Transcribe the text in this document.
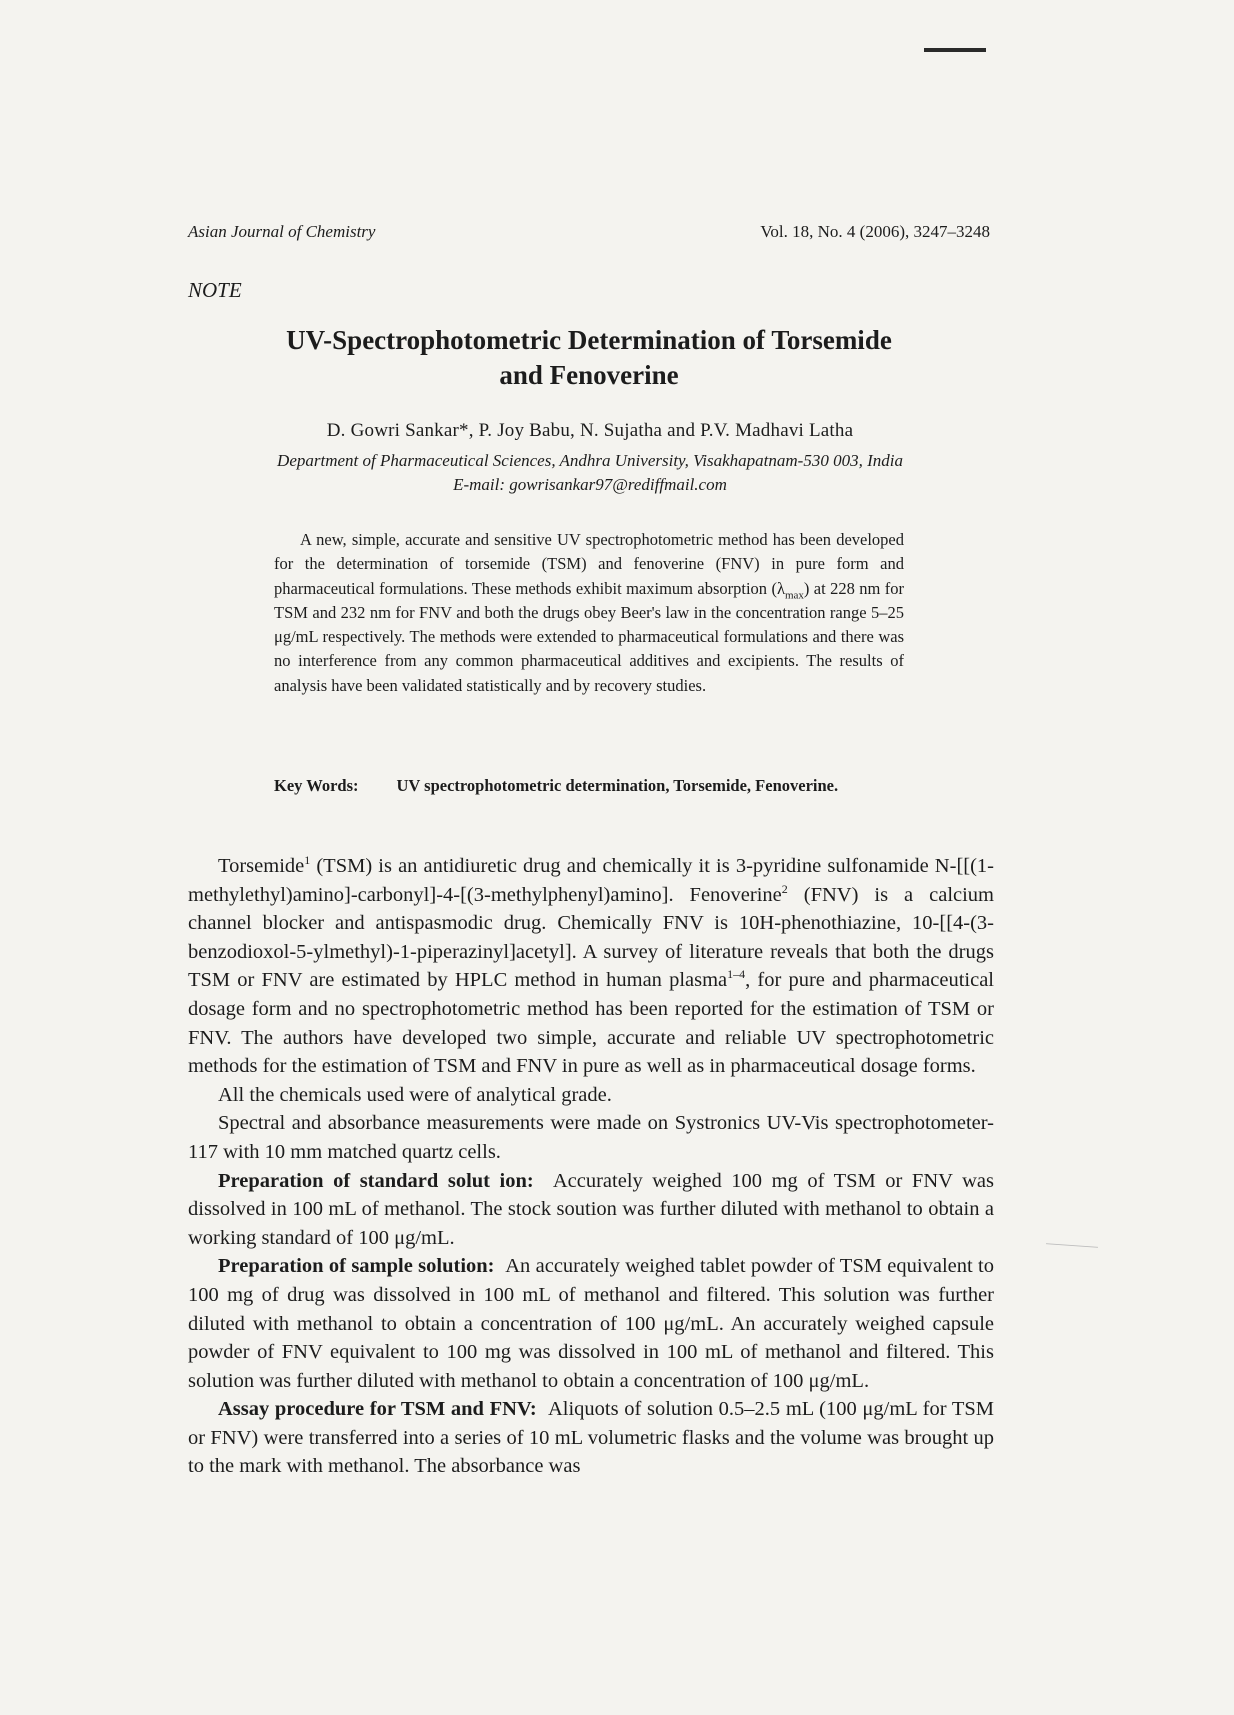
Asian Journal of Chemistry	Vol. 18, No. 4 (2006), 3247–3248
NOTE
UV-Spectrophotometric Determination of Torsemide
and Fenoverine
D. Gowri Sankar*, P. Joy Babu, N. Sujatha and P.V. Madhavi Latha
Department of Pharmaceutical Sciences, Andhra University, Visakhapatnam-530 003, India
E-mail: gowrisankar97@rediffmail.com
A new, simple, accurate and sensitive UV spectrophotometric method has been developed for the determination of torsemide (TSM) and fenoverine (FNV) in pure form and pharmaceutical formulations. These methods exhibit maximum absorption $(\lambda_{max})$ at 228 nm for TSM and 232 nm for FNV and both the drugs obey Beer's law in the concentration range 5–25 μg/mL respectively. The methods were extended to pharmaceutical formulations and there was no interference from any common pharmaceutical additives and excipients. The results of analysis have been validated statistically and by recovery studies.
Key Words: UV spectrophotometric determination, Torsemide, Fenoverine.

Torsemide$^1$ (TSM) is an antidiuretic drug and chemically it is 3-pyridine sulfonamide N-[[(1-methylethyl)amino]-carbonyl]-4-[(3-methylphenyl)amino]. Fenoverine$^2$ (FNV) is a calcium channel blocker and antispasmodic drug. Chemically FNV is 10H-phenothiazine, 10-[[4-(3-benzodioxol-5-ylmethyl)-1-piperazinyl]acetyl]. A survey of literature reveals that both the drugs TSM or FNV are estimated by HPLC method in human plasma$^{1-4}$, for pure and pharmaceutical dosage form and no spectrophotometric method has been reported for the estimation of TSM or FNV. The authors have developed two simple, accurate and reliable UV spectrophotometric methods for the estimation of TSM and FNV in pure as well as in pharmaceutical dosage forms.

All the chemicals used were of analytical grade.

Spectral and absorbance measurements were made on Systronics UV-Vis spectrophotometer-117 with 10 mm matched quartz cells.

Preparation of standard solut ion: Accurately weighed 100 mg of TSM or FNV was dissolved in 100 mL of methanol. The stock soution was further diluted with methanol to obtain a working standard of 100 μg/mL.

Preparation of sample solution: An accurately weighed tablet powder of TSM equivalent to 100 mg of drug was dissolved in 100 mL of methanol and filtered. This solution was further diluted with methanol to obtain a concentration of 100 μg/mL. An accurately weighed capsule powder of FNV equivalent to 100 mg was dissolved in 100 mL of methanol and filtered. This solution was further diluted with methanol to obtain a concentration of 100 μg/mL.

Assay procedure for TSM and FNV: Aliquots of solution 0.5–2.5 mL (100 μg/mL for TSM or FNV) were transferred into a series of 10 mL volumetric flasks and the volume was brought up to the mark with methanol. The absorbance was
